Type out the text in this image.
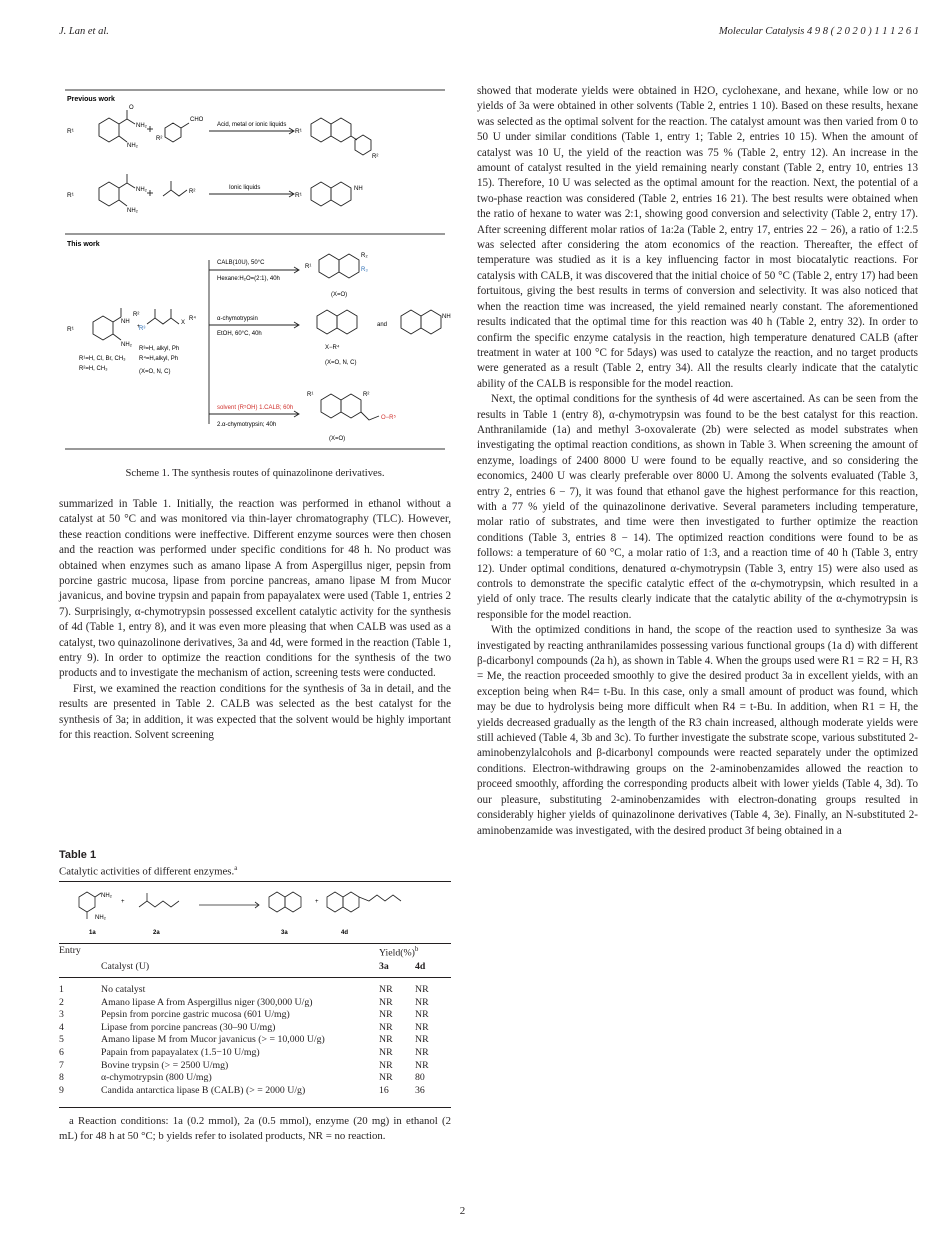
J. Lan et al.	Molecular Catalysis 4 9 8 ( 2 0 2 0 ) 1 1 1 2 6 1
Previous work
R¹
O
NH₂
NH₂
R²
CHO
Acid, metal or ionic liquids
R¹
R²
R¹
NH₂
NH₂
R²
Ionic liquids
R¹
NH
This work
R¹
NH
R²
NH₂
+
R³
X
R⁴
R¹=H, Cl, Br, CH₃
R²=H, CH₃
R³=H, alkyl, Ph
R⁴=H,alkyl, Ph
(X=O, N, C)
CALB(10U), 50°C
Hexane:H₂O=(2:1), 40h
α-chymotrypsin
EtOH, 60°C, 40h
solvent (R⁵OH) 1.CALB; 60h
2.α-chymotrypsin; 40h
R¹
R₂
R₃
(X=O)
and
X−R⁴
(X=O, N, C)
NH
R¹	R²
O−R⁵
(X=O)
Scheme 1. The synthesis routes of quinazolinone derivatives.

summarized in Table 1. Initially, the reaction was performed in ethanol without a catalyst at 50 °C and was monitored via thin-layer chromatography (TLC). However, these reaction conditions were ineffective. Different enzyme sources were then chosen and the reaction was performed under specific conditions for 48 h. No product was obtained when enzymes such as amano lipase A from Aspergillus niger, pepsin from porcine gastric mucosa, lipase from porcine pancreas, amano lipase M from Mucor javanicus, and bovine trypsin and papain from papayalatex were used (Table 1, entries 2 7). Surprisingly, α-chymotrypsin possessed excellent catalytic activity for the synthesis of 4d (Table 1, entry 8), and it was even more pleasing that when CALB was used as a catalyst, two quinazolinone derivatives, 3a and 4d, were formed in the reaction (Table 1, entry 9). In order to optimize the reaction conditions for the synthesis of the two products and to investigate the mechanism of action, screening tests were conducted.

First, we examined the reaction conditions for the synthesis of 3a in detail, and the results are presented in Table 2. CALB was selected as the best catalyst for the synthesis of 3a; in addition, it was expected that the solvent would be highly important for this reaction. Solvent screening

Table 1
Catalytic activities of different enzymes.$^a$
NH₂
NH₂
+	+
1a	2a	3a	4d
Entry		Yield(%)$^b$
	Catalyst (U)	3a	4d

1	No catalyst	NR	NR
2	Amano lipase A from Aspergillus niger (300,000 U/g)	NR	NR
3	Pepsin from porcine gastric mucosa (601 U/mg)	NR	NR
4	Lipase from porcine pancreas (30–90 U/mg)	NR	NR
5	Amano lipase M from Mucor javanicus (> = 10,000 U/g)	NR	NR
6	Papain from papayalatex (1.5−10 U/mg)	NR	NR
7	Bovine trypsin (> = 2500 U/mg)	NR	NR
8	α-chymotrypsin (800 U/mg)	NR	80
9	Candida antarctica lipase B (CALB) (> = 2000 U/g)	16	36

a Reaction conditions: 1a (0.2 mmol), 2a (0.5 mmol), enzyme (20 mg) in ethanol (2 mL) for 48 h at 50 °C; b yields refer to isolated products, NR = no reaction.

showed that moderate yields were obtained in H2O, cyclohexane, and hexane, while low or no yields of 3a were obtained in other solvents (Table 2, entries 1 10). Based on these results, hexane was selected as the optimal solvent for the reaction. The catalyst amount was then varied from 0 to 50 U under similar conditions (Table 1, entry 1; Table 2, entries 10 15). When the amount of catalyst was 10 U, the yield of the reaction was 75 % (Table 2, entry 12). An increase in the amount of catalyst resulted in the yield remaining nearly constant (Table 2, entry 10, entries 13 15). Therefore, 10 U was selected as the optimal amount for the reaction. Next, the potential of a two-phase reaction was considered (Table 2, entries 16 21). The best results were obtained when the ratio of hexane to water was 2:1, showing good conversion and selectivity (Table 2, entry 17). After screening different molar ratios of 1a:2a (Table 2, entry 17, entries 22 − 26), a ratio of 1:2.5 was selected after considering the atom economics of the reaction. Thereafter, the effect of temperature was studied as it is a key influencing factor in most biocatalytic reactions. For catalysis with CALB, it was discovered that the initial choice of 50 °C (Table 2, entry 17) had been fortuitous, giving the best results in terms of conversion and selectivity. It was also noticed that when the reaction time was increased, the yield remained nearly constant. The aforementioned results indicated that the optimal time for this reaction was 40 h (Table 2, entry 32). In order to confirm the specific enzyme catalysis in the reaction, high temperature denatured CALB (after treatment in water at 100 °C for 5days) was used to catalyze the reaction, and no target products were generated as a result (Table 2, entry 34). All the results clearly indicate that the catalytic ability of the CALB is responsible for the model reaction.

Next, the optimal conditions for the synthesis of 4d were ascertained. As can be seen from the results in Table 1 (entry 8), α-chymotrypsin was found to be the best catalyst for this reaction. Anthranilamide (1a) and methyl 3-oxovalerate (2b) were selected as model substrates when investigating the optimal reaction conditions, as shown in Table 3. When screening the amount of enzyme, loadings of 2400 8000 U were found to be equally reactive, and so considering the economics, 2400 U was clearly preferable over 8000 U. Among the solvents evaluated (Table 3, entry 2, entries 6 − 7), it was found that ethanol gave the highest performance for this reaction, with a 77 % yield of the quinazolinone derivative. Several parameters including temperature, molar ratio of substrates, and time were then investigated to further optimize the reaction conditions (Table 3, entries 8 − 14). The optimized reaction conditions were found to be as follows: a temperature of 60 °C, a molar ratio of 1:3, and a reaction time of 40 h (Table 3, entry 12). Under optimal conditions, denatured α-chymotrypsin (Table 3, entry 15) were also used as controls to demonstrate the specific catalytic effect of the α-chymotrypsin, which resulted in a yield of only trace. The results clearly indicate that the catalytic ability of the α-chymotrypsin is responsible for the model reaction.

With the optimized conditions in hand, the scope of the reaction used to synthesize 3a was investigated by reacting anthranilamides possessing various functional groups (1a d) with different β-dicarbonyl compounds (2a h), as shown in Table 4. When the groups used were R1 = R2 = H, R3 = Me, the reaction proceeded smoothly to give the desired product 3a in excellent yields, with an exception being when R4= t-Bu. In this case, only a small amount of product was found, which may be due to hydrolysis being more difficult when R4 = t-Bu. In addition, when R1 = H, the yields decreased gradually as the length of the R3 chain increased, although moderate yields were still achieved (Table 4, 3b and 3c). To further investigate the substrate scope, various substituted 2-aminobenzylalcohols and β-dicarbonyl compounds were reacted separately under the optimized conditions. Electron-withdrawing groups on the 2-aminobenzamides allowed the reaction to proceed smoothly, affording the corresponding products albeit with lower yields (Table 4, 3d). To our pleasure, substituting 2-aminobenzamides with electron-donating groups resulted in considerably higher yields of quinazolinone derivatives (Table 4, 3e). Finally, an N-substituted 2-aminobenzamide was investigated, with the desired product 3f being obtained in a

2
